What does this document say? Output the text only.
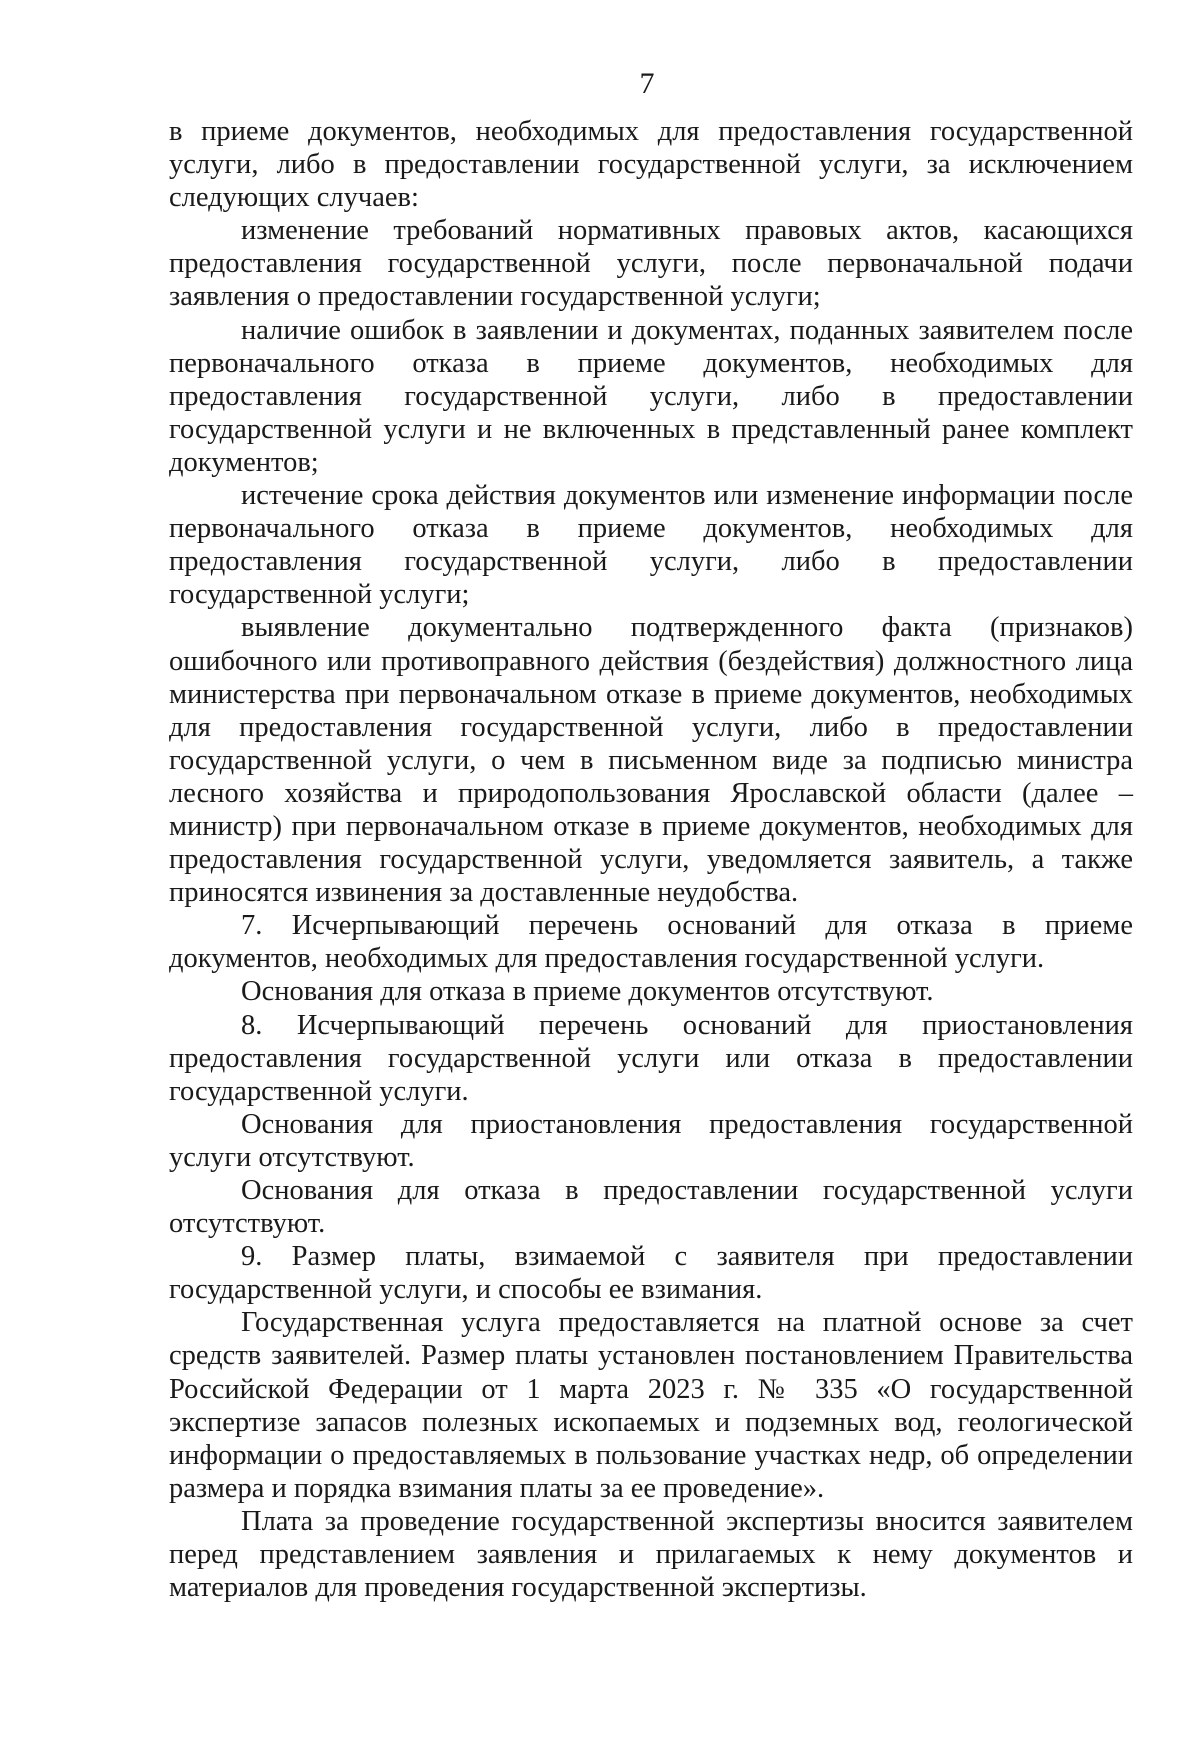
7

в приеме документов, необходимых для предоставления государственной услуги, либо в предоставлении государственной услуги, за исключением следующих случаев:

изменение требований нормативных правовых актов, касающихся предоставления государственной услуги, после первоначальной подачи заявления о предоставлении государственной услуги;

наличие ошибок в заявлении и документах, поданных заявителем после первоначального отказа в приеме документов, необходимых для предоставления государственной услуги, либо в предоставлении государственной услуги и не включенных в представленный ранее комплект документов;

истечение срока действия документов или изменение информации после первоначального отказа в приеме документов, необходимых для предоставления государственной услуги, либо в предоставлении государственной услуги;

выявление документально подтвержденного факта (признаков) ошибочного или противоправного действия (бездействия) должностного лица министерства при первоначальном отказе в приеме документов, необходимых для предоставления государственной услуги, либо в предоставлении государственной услуги, о чем в письменном виде за подписью министра лесного хозяйства и природопользования Ярославской области (далее – министр) при первоначальном отказе в приеме документов, необходимых для предоставления государственной услуги, уведомляется заявитель, а также приносятся извинения за доставленные неудобства.

7. Исчерпывающий перечень оснований для отказа в приеме документов, необходимых для предоставления государственной услуги.

Основания для отказа в приеме документов отсутствуют.

8. Исчерпывающий перечень оснований для приостановления предоставления государственной услуги или отказа в предоставлении государственной услуги.

Основания для приостановления предоставления государственной услуги отсутствуют.

Основания для отказа в предоставлении государственной услуги отсутствуют.

9. Размер платы, взимаемой с заявителя при предоставлении государственной услуги, и способы ее взимания.

Государственная услуга предоставляется на платной основе за счет средств заявителей. Размер платы установлен постановлением Правительства Российской Федерации от 1 марта 2023 г. № 335 «О государственной экспертизе запасов полезных ископаемых и подземных вод, геологической информации о предоставляемых в пользование участках недр, об определении размера и порядка взимания платы за ее проведение».

Плата за проведение государственной экспертизы вносится заявителем перед представлением заявления и прилагаемых к нему документов и материалов для проведения государственной экспертизы.
